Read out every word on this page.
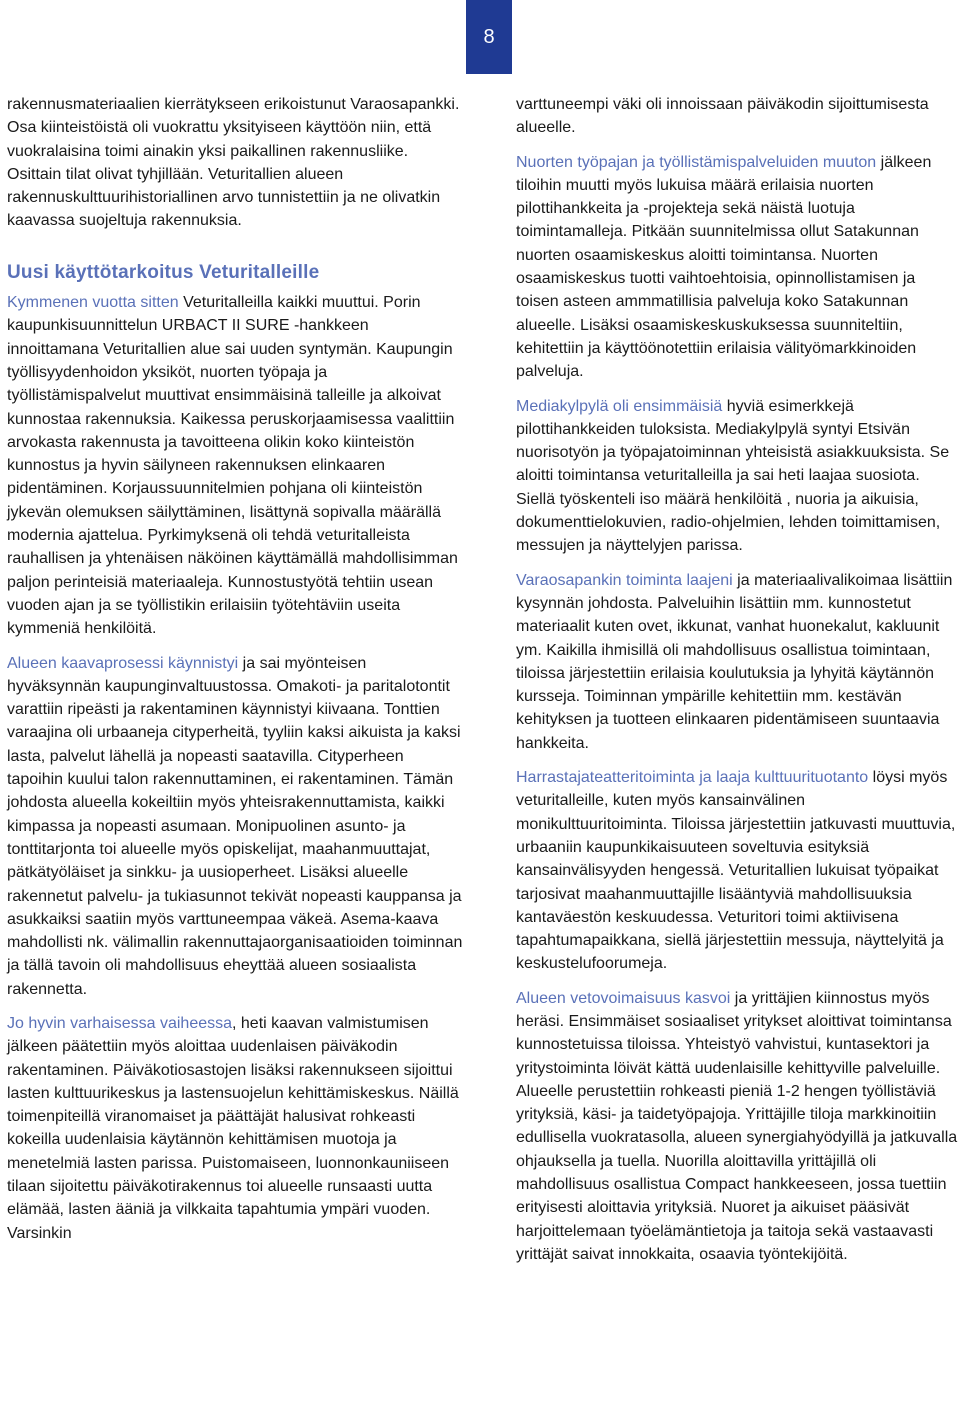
8

rakennusmateriaalien kierrätykseen erikoistunut Varaosapankki. Osa kiinteistöistä oli vuokrattu yksityiseen käyttöön niin, että vuokralaisina toimi ainakin yksi paikallinen rakennusliike. Osittain tilat olivat tyhjillään. Veturitallien alueen rakennuskulttuurihistoriallinen arvo tunnistettiin ja ne olivatkin kaavassa suojeltuja rakennuksia.

Uusi käyttötarkoitus Veturitalleille

Kymmenen vuotta sitten Veturitalleilla kaikki muuttui. Porin kaupunkisuunnittelun URBACT II SURE -hankkeen innoittamana Veturitallien alue sai uuden syntymän. Kaupungin työllisyydenhoidon yksiköt, nuorten työpaja ja työllistämispalvelut muuttivat ensimmäisinä talleille ja alkoivat kunnostaa rakennuksia. Kaikessa peruskorjaamisessa vaalittiin arvokasta rakennusta ja tavoitteena olikin koko kiinteistön kunnostus ja hyvin säilyneen rakennuksen elinkaaren pidentäminen. Korjaussuunnitelmien pohjana oli kiinteistön jykevän olemuksen säilyttäminen, lisättynä sopivalla määrällä modernia ajattelua. Pyrkimyksenä oli tehdä veturitalleista rauhallisen ja yhtenäisen näköinen käyttämällä mahdollisimman paljon perinteisiä materiaaleja. Kunnostustyötä tehtiin usean vuoden ajan ja se työllistikin erilaisiin työtehtäviin useita kymmeniä henkilöitä.

Alueen kaavaprosessi käynnistyi ja sai myönteisen hyväksynnän kaupunginvaltuustossa. Omakoti- ja paritalotontit varattiin ripeästi ja rakentaminen käynnistyi kiivaana. Tonttien varaajina oli urbaaneja cityperheitä, tyyliin kaksi aikuista ja kaksi lasta, palvelut lähellä ja nopeasti saatavilla. Cityperheen tapoihin kuului talon rakennuttaminen, ei rakentaminen. Tämän johdosta alueella kokeiltiin myös yhteisrakennuttamista, kaikki kimpassa ja nopeasti asumaan. Monipuolinen asunto- ja tonttitarjonta toi alueelle myös opiskelijat, maahanmuuttajat, pätkätyöläiset ja sinkku- ja uusioperheet. Lisäksi alueelle rakennetut palvelu- ja tukiasunnot tekivät nopeasti kauppansa ja asukkaiksi saatiin myös varttuneempaa väkeä. Asema-kaava mahdollisti nk. välimallin rakennuttajaorganisaatioiden toiminnan ja tällä tavoin oli mahdollisuus eheyttää alueen sosiaalista rakennetta.

Jo hyvin varhaisessa vaiheessa, heti kaavan valmistumisen jälkeen päätettiin myös aloittaa uudenlaisen päiväkodin rakentaminen. Päiväkotiosastojen lisäksi rakennukseen sijoittui lasten kulttuurikeskus ja lastensuojelun kehittämiskeskus. Näillä toimenpiteillä viranomaiset ja päättäjät halusivat rohkeasti kokeilla uudenlaisia käytännön kehittämisen muotoja ja menetelmiä lasten parissa. Puistomaiseen, luonnonkauniiseen tilaan sijoitettu päiväkotirakennus toi alueelle runsaasti uutta elämää, lasten ääniä ja vilkkaita tapahtumia ympäri vuoden. Varsinkin

varttuneempi väki oli innoissaan päiväkodin sijoittumisesta alueelle.

Nuorten työpajan ja työllistämispalveluiden muuton jälkeen tiloihin muutti myös lukuisa määrä erilaisia nuorten pilottihankkeita ja -projekteja sekä näistä luotuja toimintamalleja. Pitkään suunnitelmissa ollut Satakunnan nuorten osaamiskeskus aloitti toimintansa. Nuorten osaamiskeskus tuotti vaihtoehtoisia, opinnollistamisen ja toisen asteen ammmatillisia palveluja koko Satakunnan alueelle. Lisäksi osaamiskeskuskuksessa suunniteltiin, kehitettiin ja käyttöönotettiin erilaisia välityömarkkinoiden palveluja.

Mediakylpylä oli ensimmäisiä hyviä esimerkkejä pilottihankkeiden tuloksista. Mediakylpylä syntyi Etsivän nuorisotyön ja työpajatoiminnan yhteisistä asiakkuuksista. Se aloitti toimintansa veturitalleilla ja sai heti laajaa suosiota. Siellä työskenteli iso määrä henkilöitä , nuoria ja aikuisia, dokumenttielokuvien, radio-ohjelmien, lehden toimittamisen, messujen ja näyttelyjen parissa.

Varaosapankin toiminta laajeni ja materiaalivalikoimaa lisättiin kysynnän johdosta. Palveluihin lisättiin mm. kunnostetut materiaalit kuten ovet, ikkunat, vanhat huonekalut, kakluunit ym. Kaikilla ihmisillä oli mahdollisuus osallistua toimintaan, tiloissa järjestettiin erilaisia koulutuksia ja lyhyitä käytännön kursseja. Toiminnan ympärille kehitettiin mm. kestävän kehityksen ja tuotteen elinkaaren pidentämiseen suuntaavia hankkeita.

Harrastajateatteritoiminta ja laaja kulttuurituotanto löysi myös veturitalleille, kuten myös kansainvälinen monikulttuuritoiminta. Tiloissa järjestettiin jatkuvasti muuttuvia, urbaaniin kaupunkikaisuuteen soveltuvia esityksiä kansainvälisyyden hengessä. Veturitallien lukuisat työpaikat tarjosivat maahanmuuttajille lisääntyviä mahdollisuuksia kantaväestön keskuudessa. Veturitori toimi aktiivisena tapahtumapaikkana, siellä järjestettiin messuja, näyttelyitä ja keskustelufoorumeja.

Alueen vetovoimaisuus kasvoi ja yrittäjien kiinnostus myös heräsi. Ensimmäiset sosiaaliset yritykset aloittivat toimintansa kunnostetuissa tiloissa. Yhteistyö vahvistui, kuntasektori ja yritystoiminta löivät kättä uudenlaisille kehittyville palveluille. Alueelle perustettiin rohkeasti pieniä 1-2 hengen työllistäviä yrityksiä, käsi- ja taidetyöpajoja. Yrittäjille tiloja markkinoitiin edullisella vuokratasolla, alueen synergiahyödyillä ja jatkuvalla ohjauksella ja tuella. Nuorilla aloittavilla yrittäjillä oli mahdollisuus osallistua Compact hankkeeseen, jossa tuettiin erityisesti aloittavia yrityksiä. Nuoret ja aikuiset pääsivät harjoittelemaan työelämäntietoja ja taitoja sekä vastaavasti yrittäjät saivat innokkaita, osaavia työntekijöitä.
